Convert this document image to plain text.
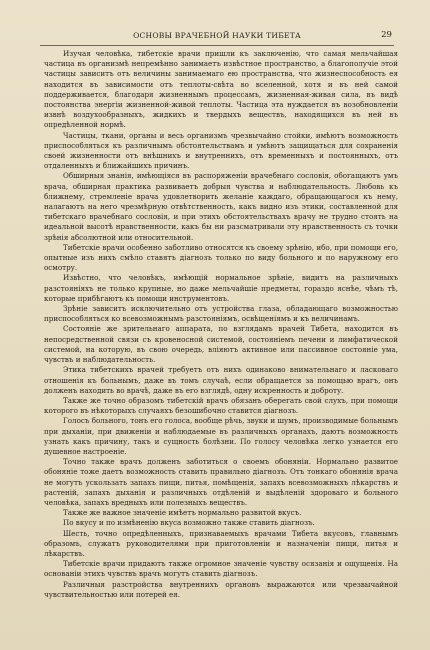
ОСНОВЫ ВРАЧЕБНОЙ НАУКИ ТИБЕТА	29

Изучая человѣка, тибетскіе врачи пришли къ заключенію, что самая мельчайшая частица въ организмѣ непремѣнно занимаетъ извѣстное пространство, а благополучіе этой частицы зависитъ отъ величины занимаемаго ею пространства, что жизнеспособность ея находится въ зависимости отъ теплоты-свѣта во вселенной, хотя и въ ней самой поддерживается, благодаря жизненнымъ процессамъ, жизненная-живая сила, въ видѣ постоянства энергіи жизненной-живой теплоты. Частица эта нуждается въ возобновленіи извнѣ воздухообразныхъ, жидкихъ и твердыхъ веществъ, находящихся въ ней въ опредѣленной нормѣ.

Частицы, ткани, органы и весь организмъ чрезвычайно стойки, имѣютъ возможность приспособляться къ различнымъ обстоятельствамъ и умѣютъ защищаться для сохраненія своей жизненности отъ внѣшнихъ и внутреннихъ, отъ временныхъ и постоянныхъ, отъ отдаленныхъ и ближайшихъ причинъ.

Обширныя знанія, имѣющіяся въ распоряженіи врачебнаго сословія, обогащаютъ умъ врача, обширная практика развиваетъ добрыя чувства и наблюдательность. Любовь къ ближнему, стремленіе врача удовлетворить желаніе каждаго, обращающагося къ нему, налагаютъ на него чрезмѣрную отвѣтственность, какъ видно изъ этики, составленной для тибетскаго врачебнаго сословія, и при этихъ обстоятельствахъ врачу не трудно стоять на идеальной высотѣ нравственности, какъ бы ни разсматривали эту нравственность съ точки зрѣнія абсолютной или относительной.

Тибетскіе врачи особенно заботливо относятся къ своему зрѣнію, ибо, при помощи его, опытные изъ нихъ смѣло ставятъ діагнозъ только по виду больного и по наружному его осмотру.

Извѣстно, что человѣкъ, имѣющій нормальное зрѣніе, видитъ на различныхъ разстояніяхъ не только крупные, но даже мельчайшіе предметы, гораздо яснѣе, чѣмъ тѣ, которые прибѣгаютъ къ помощи инструментовъ.

Зрѣніе зависитъ исключительно отъ устройства глаза, обладающаго возможностью приспособляться ко всевозможнымъ разстояніямъ, освѣщеніямъ и къ величинамъ.

Состояніе же зрительнаго аппарата, по взглядамъ врачей Тибета, находится въ непосредственной связи съ кровеносной системой, состояніемъ печени и лимфатической системой, на которую, въ свою очередь, вліяютъ активное или пассивное состояніе ума, чувствъ и наблюдательность.

Этика тибетскихъ врачей требуетъ отъ нихъ одинаково внимательнаго и ласковаго отношенія къ больнымъ, даже въ томъ случаѣ, если обращается за помощью врагъ, онъ долженъ находить во врачѣ, даже въ его взглядѣ, одну искренность и доброту.

Также же точно образомъ тибетскій врачъ обязанъ оберегать свой слухъ, при помощи которого въ нѣкоторыхъ случаяхъ безошибочно ставится діагнозъ.

Голосъ больного, тонъ его голоса, вообще рѣчь, звуки и шумъ, производимые больнымъ при дыханіи, при движеніи и наблюдаемые въ различныхъ органахъ, даютъ возможность узнать какъ причину, такъ и сущность болѣзни. По голосу человѣка легко узнается его душевное настроеніе.

Точно также врачъ долженъ заботиться о своемъ обоняніи. Нормально развитое обоняніе тоже даетъ возможность ставить правильно діагнозъ. Отъ тонкаго обонянія врача не могутъ ускользать запахъ пищи, питья, помѣщенія, запахъ всевозможныхъ лѣкарствъ и растеній, запахъ дыханія и различныхъ отдѣленій и выдѣленій здороваго и больного человѣка, запахъ вредныхъ или полезныхъ веществъ.

Также же важное значеніе имѣетъ нормально развитой вкусъ.

По вкусу и по измѣненію вкуса возможно также ставить діагнозъ.

Шесть, точно опредѣленныхъ, признаваемыхъ врачами Тибета вкусовъ, главнымъ образомъ, служатъ руководителями при приготовленіи и назначеніи пищи, питья и лѣкарствъ.

Тибетскіе врачи придаютъ также огромное значеніе чувству осязанія и ощущенія. На основаніи этихъ чувствъ врачъ могутъ ставить діагнозъ.

Различныя разстройства внутреннихъ органовъ выражаются или чрезвычайной чувствительностью или потерей ея.
